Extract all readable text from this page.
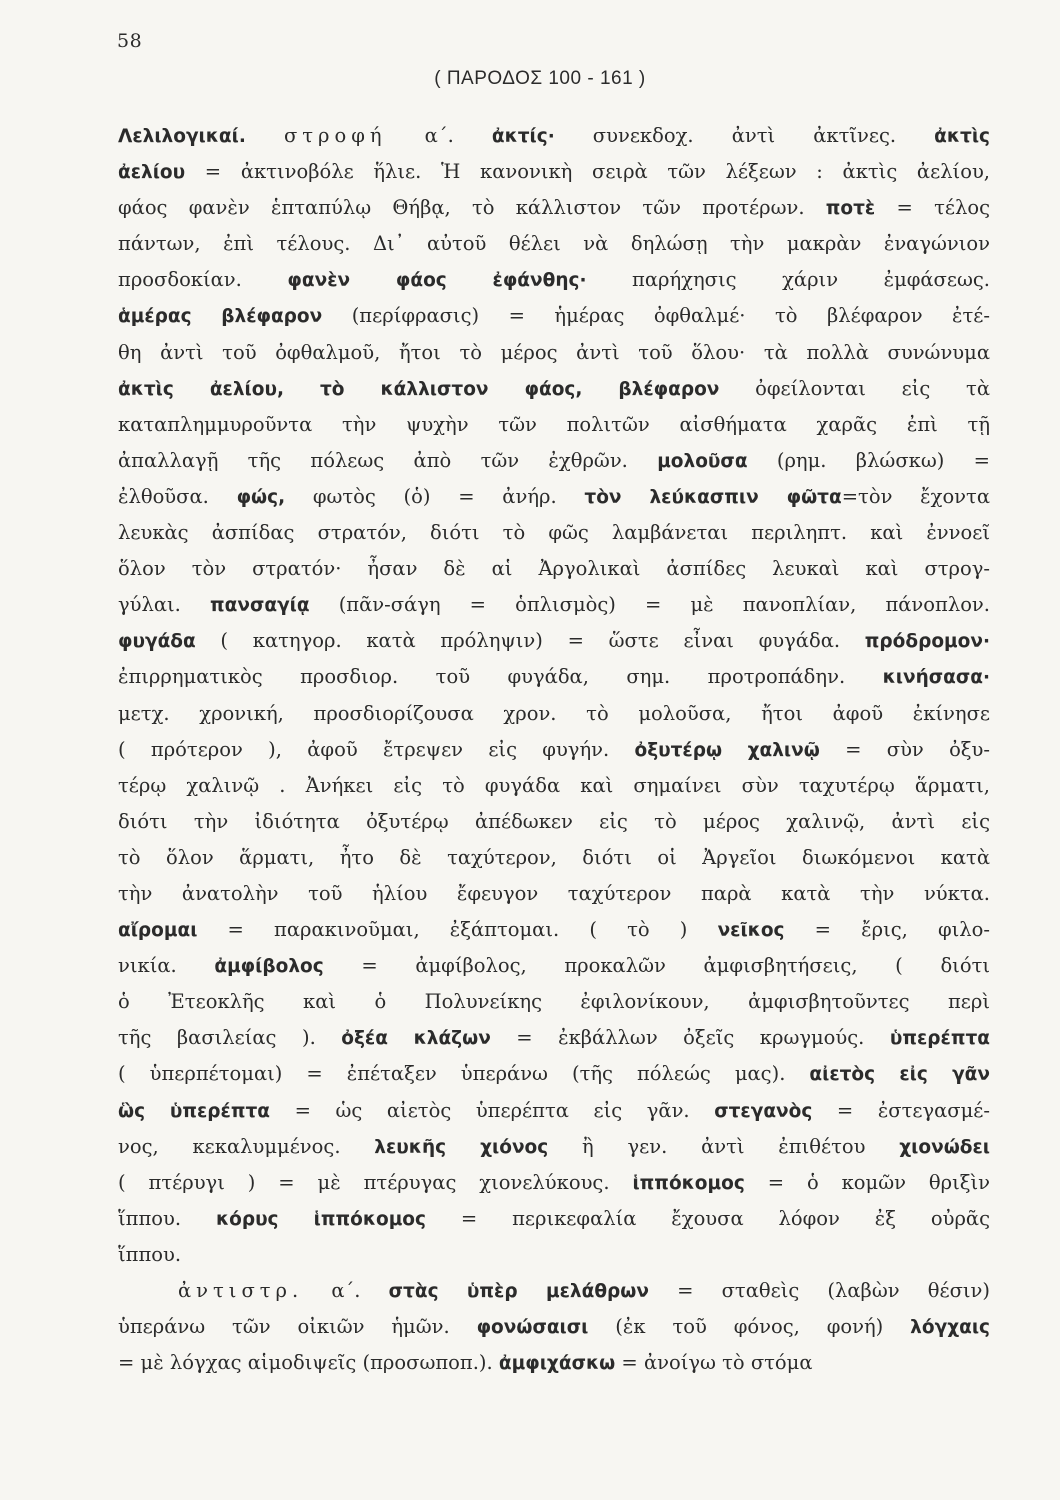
58
( ΠΑΡΟΔΟΣ 100 - 161 )
Λελιλογικαί. στροφή α΄. ἀκτίς· συνεκδοχ. ἀντὶ ἀκτῖνες. ἀκτὶς
ἀελίου = ἀκτινοβόλε ἥλιε. Ἡ κανονικὴ σειρὰ τῶν λέξεων : ἀκτὶς ἀελίου,
φάος φανὲν ἑπταπύλῳ Θήβᾳ, τὸ κάλλιστον τῶν προτέρων. ποτὲ = τέλος
πάντων, ἐπὶ τέλους. Δι᾽ αὐτοῦ θέλει νὰ δηλώσῃ τὴν μακρὰν ἐναγώνιον
προσδοκίαν. φανὲν φάος ἐφάνθης· παρήχησις χάριν ἐμφάσεως.
ἁμέρας βλέφαρον (περίφρασις) = ἡμέρας ὀφθαλμέ· τὸ βλέφαρον ἐτέ-
θη ἀντὶ τοῦ ὀφθαλμοῦ, ἤτοι τὸ μέρος ἀντὶ τοῦ ὅλου· τὰ πολλὰ συνώνυμα
ἀκτὶς ἀελίου, τὸ κάλλιστον φάος, βλέφαρον ὀφείλονται εἰς τὰ
καταπλημμυροῦντα τὴν ψυχὴν τῶν πολιτῶν αἰσθήματα χαρᾶς ἐπὶ τῇ
ἀπαλλαγῇ τῆς πόλεως ἀπὸ τῶν ἐχθρῶν. μολοῦσα (ρημ. βλώσκω) =
ἐλθοῦσα. φώς, φωτὸς (ὁ) = ἀνήρ. τὸν λεύκασπιν φῶτα=τὸν ἔχοντα
λευκὰς ἀσπίδας στρατόν, διότι τὸ φῶς λαμβάνεται περιληπτ. καὶ ἐννοεῖ
ὅλον τὸν στρατόν· ἦσαν δὲ αἱ Ἀργολικαὶ ἀσπίδες λευκαὶ καὶ στρογ-
γύλαι. πανσαγίᾳ (πᾶν-σάγη = ὁπλισμὸς) = μὲ πανοπλίαν, πάνοπλον.
φυγάδα ( κατηγορ. κατὰ πρόληψιν) = ὥστε εἶναι φυγάδα. πρόδρομον·
ἐπιρρηματικὸς προσδιορ. τοῦ φυγάδα, σημ. προτροπάδην. κινήσασα·
μετχ. χρονική, προσδιορίζουσα χρον. τὸ μολοῦσα, ἤτοι ἀφοῦ ἐκίνησε
( πρότερον ), ἀφοῦ ἔτρεψεν εἰς φυγήν. ὀξυτέρῳ χαλινῷ = σὺν ὀξυ-
τέρῳ χαλινῷ . Ἀνήκει εἰς τὸ φυγάδα καὶ σημαίνει σὺν ταχυτέρῳ ἅρματι,
διότι τὴν ἰδιότητα ὀξυτέρῳ ἀπέδωκεν εἰς τὸ μέρος χαλινῷ, ἀντὶ εἰς
τὸ ὅλον ἅρματι, ἦτο δὲ ταχύτερον, διότι οἱ Ἀργεῖοι διωκόμενοι κατὰ
τὴν ἀνατολὴν τοῦ ἡλίου ἔφευγον ταχύτερον παρὰ κατὰ τὴν νύκτα.
αἴρομαι = παρακινοῦμαι, ἐξάπτομαι. ( τὸ ) νεῖκος = ἔρις, φιλο-
νικία. ἀμφίβολος = ἀμφίβολος, προκαλῶν ἀμφισβητήσεις, ( διότι
ὁ Ἐτεοκλῆς καὶ ὁ Πολυνείκης ἐφιλονίκουν, ἀμφισβητοῦντες περὶ
τῆς βασιλείας ). ὀξέα κλάζων = ἐκβάλλων ὀξεῖς κρωγμούς. ὑπερέπτα
( ὑπερπέτομαι) = ἐπέταξεν ὑπεράνω (τῆς πόλεώς μας). αἰετὸς εἰς γᾶν
ὣς ὑπερέπτα = ὡς αἰετὸς ὑπερέπτα εἰς γᾶν. στεγανὸς = ἐστεγασμέ-
νος, κεκαλυμμένος. λευκῆς χιόνος ἢ γεν. ἀντὶ ἐπιθέτου χιονώδει
( πτέρυγι ) = μὲ πτέρυγας χιονελύκους. ἱππόκομος = ὁ κομῶν θριξὶν
ἵππου. κόρυς ἱππόκομος = περικεφαλία ἔχουσα λόφον ἐξ οὐρᾶς
ἵππου.
ἀντιστρ. α΄. στὰς ὑπὲρ μελάθρων = σταθεὶς (λαβὼν θέσιν)
ὑπεράνω τῶν οἰκιῶν ἡμῶν. φονώσαισι (ἐκ τοῦ φόνος, φονή) λόγχαις
= μὲ λόγχας αἱμοδιψεῖς (προσωποπ.). ἀμφιχάσκω = ἀνοίγω τὸ στόμα
